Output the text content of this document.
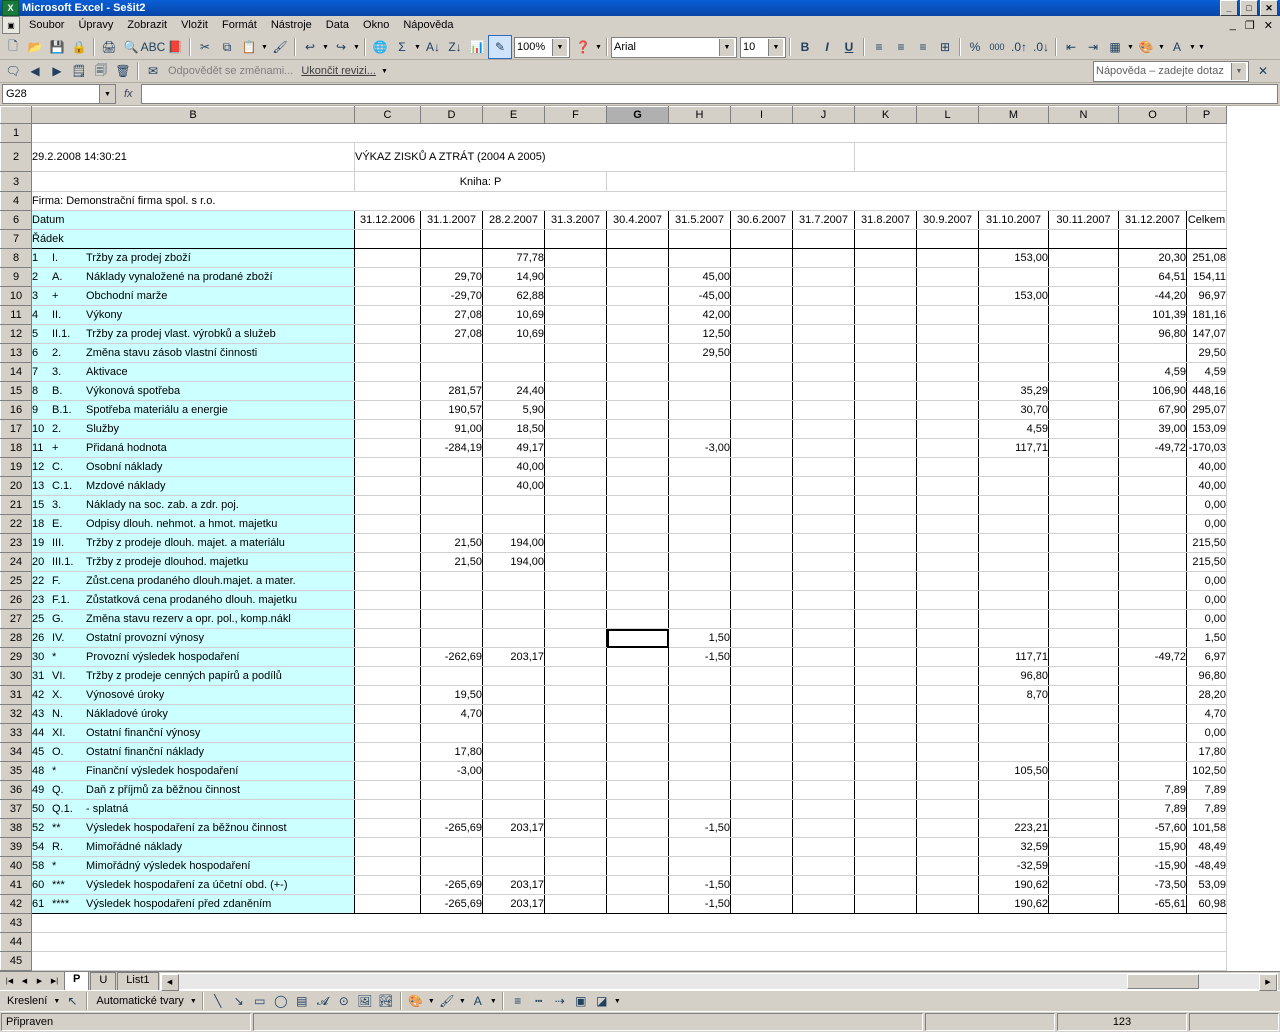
X Microsoft Excel - Sešit2	_	□	✕
▣	Soubor	Úpravy	Zobrazit	Vložit	Formát	Nástroje	Data	Okno	Nápověda	_ ❐ ✕
🗋 📂 💾 🔒 🖨 🔍 ABC 📕	✂	⧉ 📋 ▼ 🖌	↩	▼ ↪	▼ 🌐 Σ	▼ A↓ Z↓ 📊 ✎	100%	▼ ❓ ▼ Arial	▼	10	▼	B	I	U	≡	≡	≡	⊞	%	000 .0↑ .0↓	⇤ ⇥ ▦ ▼ 🎨 ▼ A	▼ ▼
🗨 ◀	▶ 🗒 🗐 🗑	✉ Odpovědět se změnami... Ukončit revizi... ▼	Nápověda – zadejte dotaz	▼	✕
G28	▼	fx
	B	C	D	E	F	G	H	I	J	K	L	M	N	O	P
1															
2	29.2.2008 14:30:21	VÝKAZ ZISKŮ A ZTRÁT (2004 A 2005)													
3		Kniha: P													
4	Firma: Demonstrační firma spol. s r.o.														
6	Datum	31.12.2006	31.1.2007	28.2.2007	31.3.2007	30.4.2007	31.5.2007	30.6.2007	31.7.2007	31.8.2007	30.9.2007	31.10.2007	30.11.2007	31.12.2007	Celkem
7	Řádek														
8	1 I. Tržby za prodej zboží			77,78								153,00		20,30	251,08
9	2 A. Náklady vynaložené na prodané zboží		29,70	14,90			45,00							64,51	154,11
10	3 + Obchodní marže		-29,70	62,88			-45,00					153,00		-44,20	96,97
11	4 II. Výkony		27,08	10,69			42,00							101,39	181,16
12	5 II.1. Tržby za prodej vlast. výrobků a služeb		27,08	10,69			12,50							96,80	147,07
13	6 2. Změna stavu zásob vlastní činnosti						29,50								29,50
14	7 3. Aktivace													4,59	4,59
15	8 B. Výkonová spotřeba		281,57	24,40								35,29		106,90	448,16
16	9 B.1. Spotřeba materiálu a energie		190,57	5,90								30,70		67,90	295,07
17	10 2. Služby		91,00	18,50								4,59		39,00	153,09
18	11 + Přidaná hodnota		-284,19	49,17			-3,00					117,71		-49,72	-170,03
19	12 C. Osobní náklady			40,00											40,00
20	13 C.1. Mzdové náklady			40,00											40,00
21	15 3. Náklady na soc. zab. a zdr. poj.														0,00
22	18 E. Odpisy dlouh. nehmot. a hmot. majetku														0,00
23	19 III. Tržby z prodeje dlouh. majet. a materiálu		21,50	194,00											215,50
24	20 III.1. Tržby z prodeje dlouhod. majetku		21,50	194,00											215,50
25	22 F. Zůst.cena prodaného dlouh.majet. a mater.														0,00
26	23 F.1. Zůstatková cena prodaného dlouh. majetku														0,00
27	25 G. Změna stavu rezerv a opr. pol., komp.nákl														0,00
28	26 IV. Ostatní provozní výnosy						1,50								1,50
29	30 * Provozní výsledek hospodaření		-262,69	203,17			-1,50					117,71		-49,72	6,97
30	31 VI. Tržby z prodeje cenných papírů a podílů											96,80			96,80
31	42 X. Výnosové úroky		19,50									8,70			28,20
32	43 N. Nákladové úroky		4,70												4,70
33	44 XI. Ostatní finanční výnosy														0,00
34	45 O. Ostatní finanční náklady		17,80												17,80
35	48 * Finanční výsledek hospodaření		-3,00									105,50			102,50
36	49 Q. Daň z příjmů za běžnou činnost													7,89	7,89
37	50 Q.1. - splatná													7,89	7,89
38	52 ** Výsledek hospodaření za běžnou činnost		-265,69	203,17			-1,50					223,21		-57,60	101,58
39	54 R. Mimořádné náklady											32,59		15,90	48,49
40	58 * Mimořádný výsledek hospodaření											-32,59		-15,90	-48,49
41	60 *** Výsledek hospodaření za účetní obd. (+-)		-265,69	203,17			-1,50					190,62		-73,50	53,09
42	61 **** Výsledek hospodaření před zdaněním		-265,69	203,17			-1,50					190,62		-65,61	60,98
43															
44															
45															
|◀	◀	▶	▶|	P	U	List1	◀	▶
Kreslení ▼ ↖	Automatické tvary ▼	╲	↘ ▭ ◯ ▤ 𝓐 ⊙ 🖼 🏞 🎨 ▼ 🖌 ▼ A	▼	≡	┅	⇢ ▣ ◪ ▼
Připraven	123
